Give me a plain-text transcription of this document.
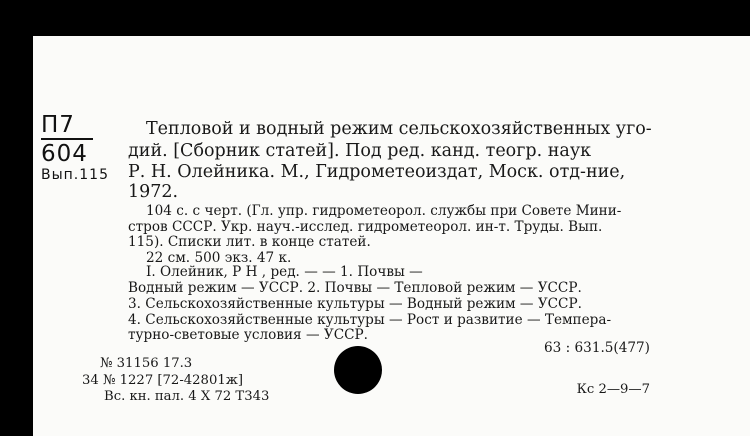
П7
604
Вып.115
Тепловой и водный режим сельскохозяйственных уго-
дий. [Сборник статей]. Под ред. канд. теогр. наук
Р. Н. Олейника. М., Гидрометеоиздат, Моск. отд-ние,
1972.
104 с. с черт. (Гл. упр. гидрометеорол. службы при Совете Мини-
стров СССР. Укр. науч.-исслед. гидрометеорол. ин-т. Труды. Вып.
115). Списки лит. в конце статей.
22 см. 500 экз. 47 к.
I. Олейник, Р Н , ред. — — 1. Почвы —
Водный режим — УССР. 2. Почвы — Тепловой режим — УССР.
3. Сельскохозяйственные культуры — Водный режим — УССР.
4. Сельскохозяйственные культуры — Рост и развитие — Темпера-
турно-световые условия — УССР.
63 : 631.5(477)
№ 31156 17.3
34 № 1227 [72-42801ж]
Вс. кн. пал. 4 Х 72 Т343	Кс 2—9—7
